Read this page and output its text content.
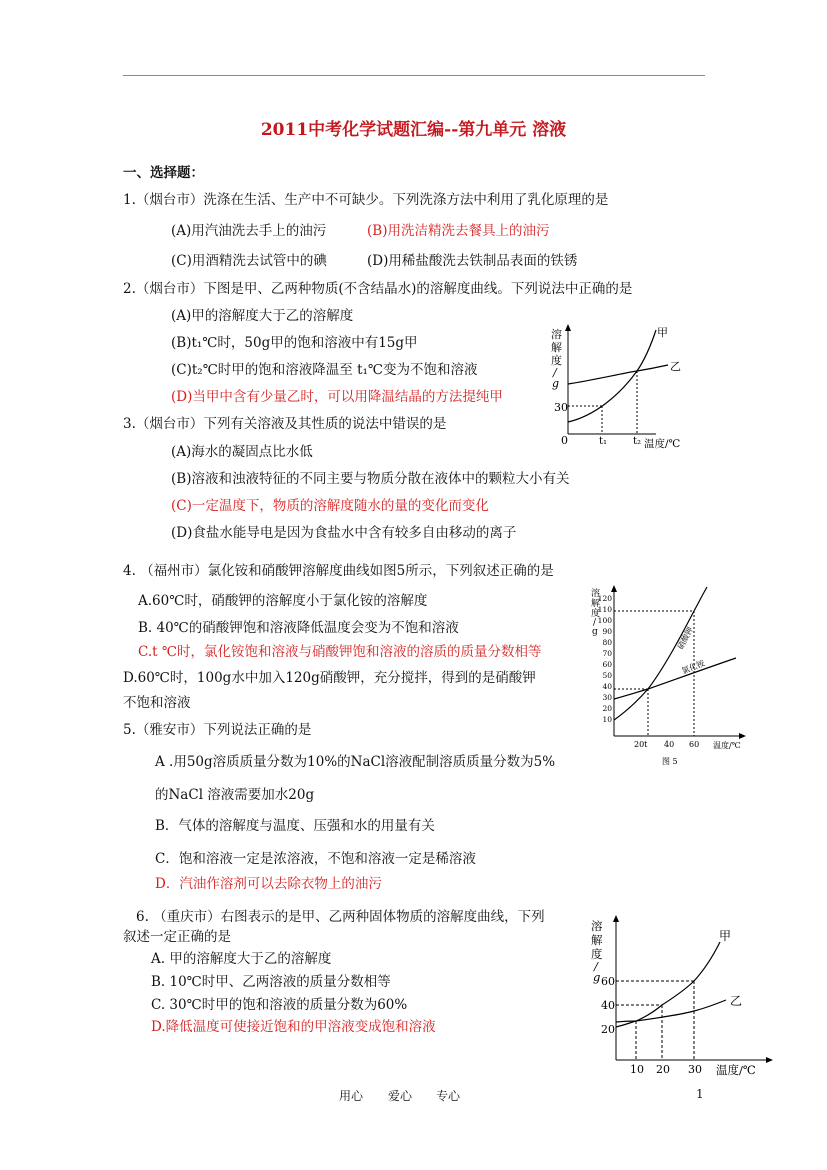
2011中考化学试题汇编--第九单元 溶液
一、选择题：
1.（烟台市）洗涤在生活、生产中不可缺少。下列洗涤方法中利用了乳化原理的是
(A)用汽油洗去手上的油污	(B)用洗洁精洗去餐具上的油污
(C)用酒精洗去试管中的碘	(D)用稀盐酸洗去铁制品表面的铁锈
2.（烟台市）下图是甲、乙两种物质(不含结晶水)的溶解度曲线。下列说法中正确的是
(A)甲的溶解度大于乙的溶解度
(B)t₁℃时，50g甲的饱和溶液中有15g甲
(C)t₂℃时甲的饱和溶液降温至 t₁℃变为不饱和溶液
(D)当甲中含有少量乙时，可以用降温结晶的方法提纯甲
3.（烟台市）下列有关溶液及其性质的说法中错误的是
(A)海水的凝固点比水低
(B)溶液和浊液特征的不同主要与物质分散在液体中的颗粒大小有关
(C)一定温度下，物质的溶解度随水的量的变化而变化
(D)食盐水能导电是因为食盐水中含有较多自由移动的离子
4. （福州市）氯化铵和硝酸钾溶解度曲线如图5所示，下列叙述正确的是
A.60℃时，硝酸钾的溶解度小于氯化铵的溶解度
B. 40℃的硝酸钾饱和溶液降低温度会变为不饱和溶液
C.t ℃时，氯化铵饱和溶液与硝酸钾饱和溶液的溶质的质量分数相等
D.60℃时，100g水中加入120g硝酸钾，充分搅拌，得到的是硝酸钾
不饱和溶液
5.（雅安市）下列说法正确的是
A .用50g溶质质量分数为10%的NaCl溶液配制溶质质量分数为5%
的NaCl 溶液需要加水20g
B．气体的溶解度与温度、压强和水的用量有关
C．饱和溶液一定是浓溶液，不饱和溶液一定是稀溶液
D．汽油作溶剂可以去除衣物上的油污
6. （重庆市）右图表示的是甲、乙两种固体物质的溶解度曲线，下列
叙述一定正确的是
A. 甲的溶解度大于乙的溶解度
B. 10℃时甲、乙两溶液的质量分数相等
C. 30℃时甲的饱和溶液的质量分数为60%
D.降低温度可使接近饱和的甲溶液变成饱和溶液
溶
解
度
/
g
30
0	t₁	t₂ 温度/℃
甲
乙
溶
解
度
/
g
120
110
100
90
80
70
60
50
40
30
20
10
硝酸钾
氯化铵
20t 40 60 温度/℃
图 5
溶
解
度
/
g 60
40
20
甲
乙
10 20 30 温度/℃
用心 爱心 专心	1
